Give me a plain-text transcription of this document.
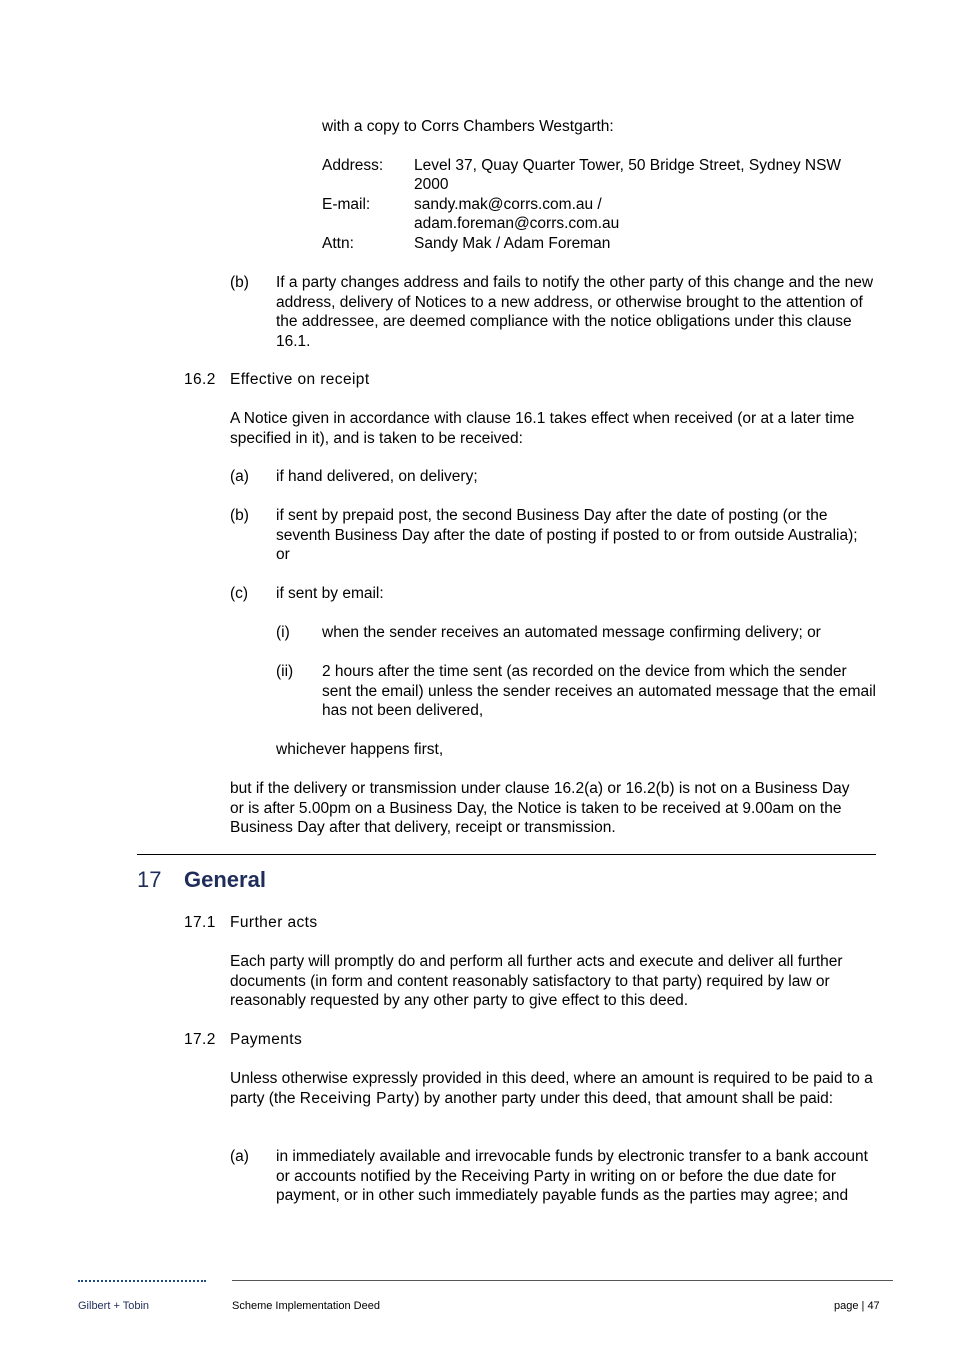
with a copy to Corrs Chambers Westgarth:
Address: Level 37, Quay Quarter Tower, 50 Bridge Street, Sydney NSW
2000
E-mail:	sandy.mak@corrs.com.au /
adam.foreman@corrs.com.au
Attn:	Sandy Mak / Adam Foreman
(b) If a party changes address and fails to notify the other party of this change and the new address, delivery of Notices to a new address, or otherwise brought to the attention of the addressee, are deemed compliance with the notice obligations under this clause 16.1.
16.2 Effective on receipt
A Notice given in accordance with clause 16.1 takes effect when received (or at a later time specified in it), and is taken to be received:
(a) if hand delivered, on delivery;
(b) if sent by prepaid post, the second Business Day after the date of posting (or the seventh Business Day after the date of posting if posted to or from outside Australia); or
(c) if sent by email:
(i) when the sender receives an automated message confirming delivery; or
(ii) 2 hours after the time sent (as recorded on the device from which the sender sent the email) unless the sender receives an automated message that the email has not been delivered,
whichever happens first,
but if the delivery or transmission under clause 16.2(a) or 16.2(b) is not on a Business Day or is after 5.00pm on a Business Day, the Notice is taken to be received at 9.00am on the Business Day after that delivery, receipt or transmission.
17 General
17.1 Further acts
Each party will promptly do and perform all further acts and execute and deliver all further documents (in form and content reasonably satisfactory to that party) required by law or reasonably requested by any other party to give effect to this deed.
17.2 Payments
Unless otherwise expressly provided in this deed, where an amount is required to be paid to a party (the Receiving Party) by another party under this deed, that amount shall be paid:
(a) in immediately available and irrevocable funds by electronic transfer to a bank account or accounts notified by the Receiving Party in writing on or before the due date for payment, or in other such immediately payable funds as the parties may agree; and
Gilbert + Tobin	Scheme Implementation Deed	page | 47
